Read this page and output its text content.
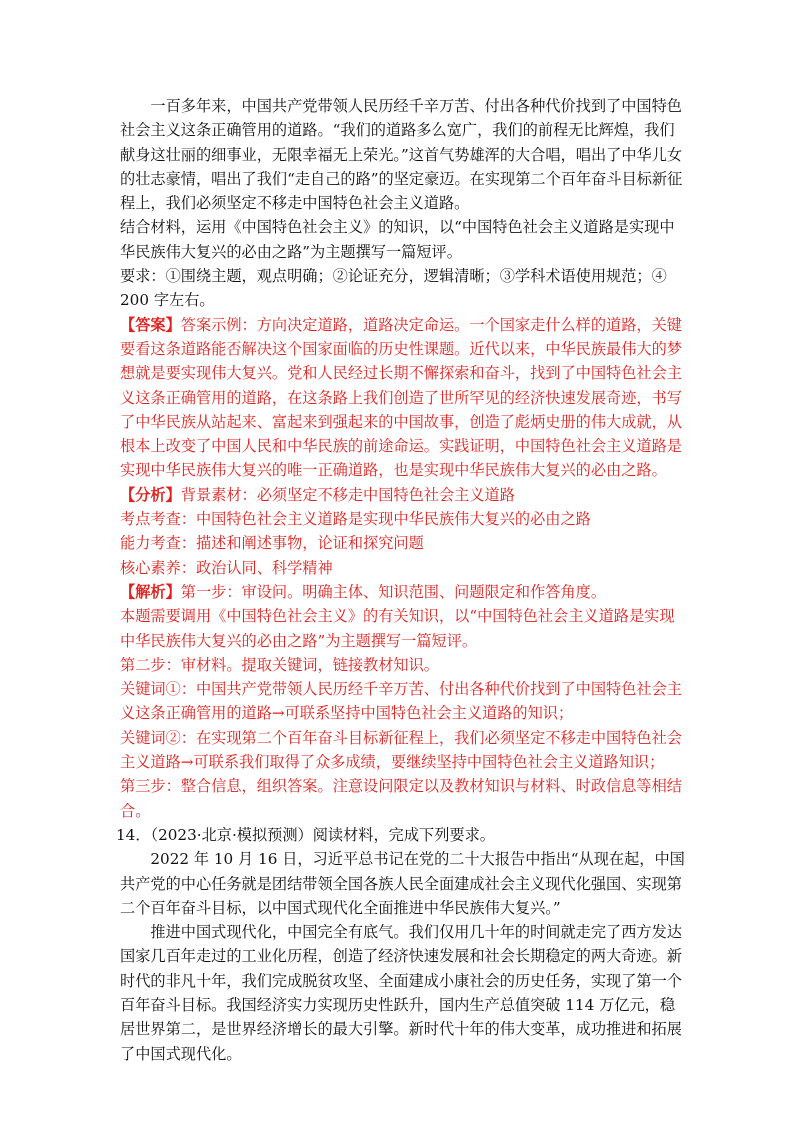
一百多年来，中国共产党带领人民历经千辛万苦、付出各种代价找到了中国特色社会主义这条正确管用的道路。“我们的道路多么宽广，我们的前程无比辉煌，我们献身这壮丽的细事业，无限幸福无上荣光。”这首气势雄浑的大合唱，唱出了中华儿女的壮志豪情，唱出了我们“走自己的路”的坚定豪迈。在实现第二个百年奋斗目标新征程上，我们必须坚定不移走中国特色社会主义道路。

结合材料，运用《中国特色社会主义》的知识，以“中国特色社会主义道路是实现中华民族伟大复兴的必由之路”为主题撰写一篇短评。

要求：①围绕主题，观点明确；②论证充分，逻辑清晰；③学科术语使用规范；④ 200 字左右。

【答案】答案示例：方向决定道路，道路决定命运。一个国家走什么样的道路，关键要看这条道路能否解决这个国家面临的历史性课题。近代以来，中华民族最伟大的梦想就是要实现伟大复兴。党和人民经过长期不懈探索和奋斗，找到了中国特色社会主义这条正确管用的道路，在这条路上我们创造了世所罕见的经济快速发展奇迹，书写了中华民族从站起来、富起来到强起来的中国故事，创造了彪炳史册的伟大成就，从根本上改变了中国人民和中华民族的前途命运。实践证明，中国特色社会主义道路是实现中华民族伟大复兴的唯一正确道路，也是实现中华民族伟大复兴的必由之路。

【分析】背景素材：必须坚定不移走中国特色社会主义道路

考点考查：中国特色社会主义道路是实现中华民族伟大复兴的必由之路

能力考查：描述和阐述事物，论证和探究问题

核心素养：政治认同、科学精神

【解析】第一步：审设问。明确主体、知识范围、问题限定和作答角度。

本题需要调用《中国特色社会主义》的有关知识，以“中国特色社会主义道路是实现中华民族伟大复兴的必由之路”为主题撰写一篇短评。

第二步：审材料。提取关键词，链接教材知识。

关键词①：中国共产党带领人民历经千辛万苦、付出各种代价找到了中国特色社会主义这条正确管用的道路→可联系坚持中国特色社会主义道路的知识；

关键词②：在实现第二个百年奋斗目标新征程上，我们必须坚定不移走中国特色社会主义道路→可联系我们取得了众多成绩，要继续坚持中国特色社会主义道路知识；

第三步：整合信息，组织答案。注意设问限定以及教材知识与材料、时政信息等相结合。

14．（2023·北京·模拟预测）阅读材料，完成下列要求。

2022 年 10 月 16 日，习近平总书记在党的二十大报告中指出“从现在起，中国共产党的中心任务就是团结带领全国各族人民全面建成社会主义现代化强国、实现第二个百年奋斗目标，以中国式现代化全面推进中华民族伟大复兴。”

推进中国式现代化，中国完全有底气。我们仅用几十年的时间就走完了西方发达国家几百年走过的工业化历程，创造了经济快速发展和社会长期稳定的两大奇迹。新时代的非凡十年，我们完成脱贫攻坚、全面建成小康社会的历史任务，实现了第一个百年奋斗目标。我国经济实力实现历史性跃升，国内生产总值突破 114 万亿元，稳居世界第二，是世界经济增长的最大引擎。新时代十年的伟大变革，成功推进和拓展了中国式现代化。
